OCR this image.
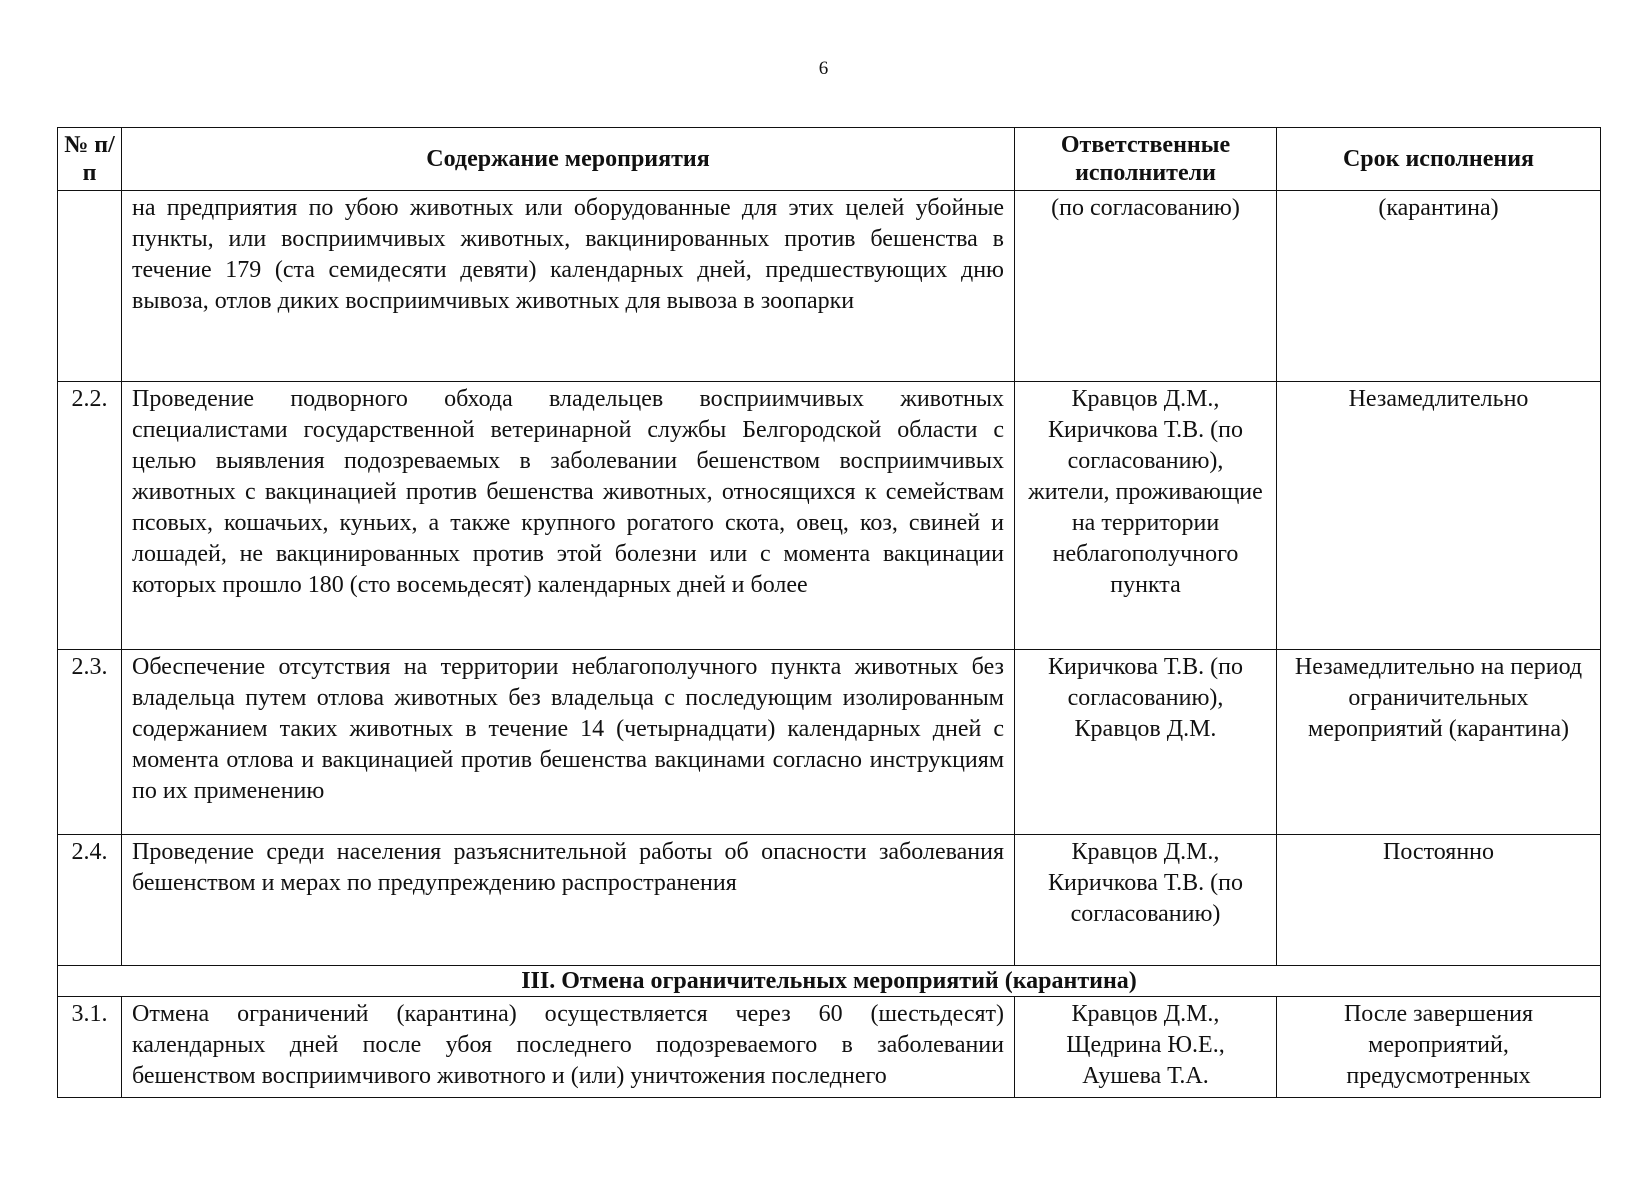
6
№ п/п	Содержание мероприятия	Ответственные исполнители	Срок исполнения
	на предприятия по убою животных или оборудованные для этих целей убойные пункты, или восприимчивых животных, вакцинированных против бешенства в течение 179 (ста семидесяти девяти) календарных дней, предшествующих дню вывоза, отлов диких восприимчивых животных для вывоза в зоопарки	(по согласованию)	(карантина)
2.2.	Проведение подворного обхода владельцев восприимчивых животных специалистами государственной ветеринарной службы Белгородской области с целью выявления подозреваемых в заболевании бешенством восприимчивых животных с вакцинацией против бешенства животных, относящихся к семействам псовых, кошачьих, куньих, а также крупного рогатого скота, овец, коз, свиней и лошадей, не вакцинированных против этой болезни или с момента вакцинации которых прошло 180 (сто восемьдесят) календарных дней и более	Кравцов Д.М., Киричкова Т.В. (по согласованию), жители, проживающие на территории неблагополучного пункта	Незамедлительно
2.3.	Обеспечение отсутствия на территории неблагополучного пункта животных без владельца путем отлова животных без владельца с последующим изолированным содержанием таких животных в течение 14 (четырнадцати) календарных дней с момента отлова и вакцинацией против бешенства вакцинами согласно инструкциям по их применению	Киричкова Т.В. (по согласованию), Кравцов Д.М.	Незамедлительно на период ограничительных мероприятий (карантина)
2.4.	Проведение среди населения разъяснительной работы об опасности заболевания бешенством и мерах по предупреждению распространения	Кравцов Д.М., Киричкова Т.В. (по согласованию)	Постоянно
III. Отмена ограничительных мероприятий (карантина)			
3.1.	Отмена ограничений (карантина) осуществляется через 60 (шестьдесят) календарных дней после убоя последнего подозреваемого в заболевании бешенством восприимчивого животного и (или) уничтожения последнего	Кравцов Д.М., Щедрина Ю.Е., Аушева Т.А.	После завершения мероприятий, предусмотренных
